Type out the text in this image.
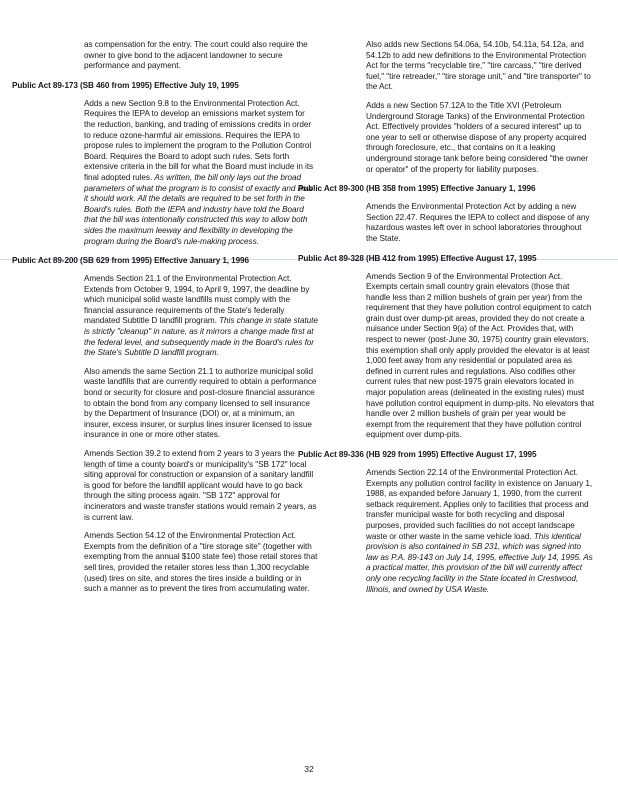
as compensation for the entry. The court could also require the owner to give bond to the adjacent landowner to secure performance and payment.

Public Act 89-173 (SB 460 from 1995) Effective July 19, 1995

Adds a new Section 9.8 to the Environmental Protection Act. Requires the IEPA to develop an emissions market system for the reduction, banking, and trading of emissions credits in order to reduce ozone-harmful air emissions. Requires the IEPA to propose rules to implement the program to the Pollution Control Board. Requires the Board to adopt such rules. Sets forth extensive criteria in the bill for what the Board must include in its final adopted rules. As written, the bill only lays out the broad parameters of what the program is to consist of exactly and how it should work. All the details are required to be set forth in the Board's rules. Both the IEPA and industry have told the Board that the bill was intentionally constructed this way to allow both sides the maximum leeway and flexibility in developing the program during the Board's rule-making process.

Public Act 89-200 (SB 629 from 1995) Effective January 1, 1996

Amends Section 21.1 of the Environmental Protection Act. Extends from October 9, 1994, to April 9, 1997, the deadline by which municipal solid waste landfills must comply with the financial assurance requirements of the State's federally mandated Subtitle D landfill program. This change in state statute is strictly "cleanup" in nature, as it mirrors a change made first at the federal level, and subsequently made in the Board's rules for the State's Subtitle D landfill program.

Also amends the same Section 21.1 to authorize municipal solid waste landfills that are currently required to obtain a performance bond or security for closure and post-closure financial assurance to obtain the bond from any company licensed to sell insurance by the Department of Insurance (DOI) or, at a minimum, an insurer, excess insurer, or surplus lines insurer licensed to issue insurance in one or more other states.

Amends Section 39.2 to extend from 2 years to 3 years the length of time a county board's or municipality's "SB 172" local siting approval for construction or expansion of a sanitary landfill is good for before the landfill applicant would have to go back through the siting process again. "SB 172" approval for incinerators and waste transfer stations would remain 2 years, as is current law.

Amends Section 54.12 of the Environmental Protection Act. Exempts from the definition of a "tire storage site" (together with exempting from the annual $100 state fee) those retail stores that sell tires, provided the retailer stores less than 1,300 recyclable (used) tires on site, and stores the tires inside a building or in such a manner as to prevent the tires from accumulating water.

Also adds new Sections 54.06a, 54.10b, 54.11a, 54.12a, and 54.12b to add new definitions to the Environmental Protection Act for the terms "recyclable tire," "tire carcass," "tire derived fuel," "tire retreader," "tire storage unit," and "tire transporter" to the Act.

Adds a new Section 57.12A to the Title XVI (Petroleum Underground Storage Tanks) of the Environmental Protection Act. Effectively provides "holders of a secured interest" up to one year to sell or otherwise dispose of any property acquired through foreclosure, etc., that contains on it a leaking underground storage tank before being considered "the owner or operator" of the property for liability purposes.

Public Act 89-300 (HB 358 from 1995) Effective January 1, 1996

Amends the Environmental Protection Act by adding a new Section 22.47. Requires the IEPA to collect and dispose of any hazardous wastes left over in school laboratories throughout the State.

Public Act 89-328 (HB 412 from 1995) Effective August 17, 1995

Amends Section 9 of the Environmental Protection Act. Exempts certain small country grain elevators (those that handle less than 2 million bushels of grain per year) from the requirement that they have pollution control equipment to catch grain dust over dump-pit areas, provided they do not create a nuisance under Section 9(a) of the Act. Provides that, with respect to newer (post-June 30, 1975) country grain elevators, this exemption shall only apply provided the elevator is at least 1,000 feet away from any residential or populated area as defined in current rules and regulations. Also codifies other current rules that new post-1975 grain elevators located in major population areas (delineated in the existing rules) must have pollution control equipment in dump-pits. No elevators that handle over 2 million bushels of grain per year would be exempt from the requirement that they have pollution control equipment over dump-pits.

Public Act 89-336 (HB 929 from 1995) Effective August 17, 1995

Amends Section 22.14 of the Environmental Protection Act. Exempts any pollution control facility in existence on January 1, 1988, as expanded before January 1, 1990, from the current setback requirement. Applies only to facilities that process and transfer municipal waste for both recycling and disposal purposes, provided such facilities do not accept landscape waste or other waste in the same vehicle load. This identical provision is also contained in SB 231, which was signed into law as P.A. 89-143 on July 14, 1995, effective July 14, 1995. As a practical matter, this provision of the bill will currently affect only one recycling facility in the State located in Crestwood, Illinois, and owned by USA Waste.

32
